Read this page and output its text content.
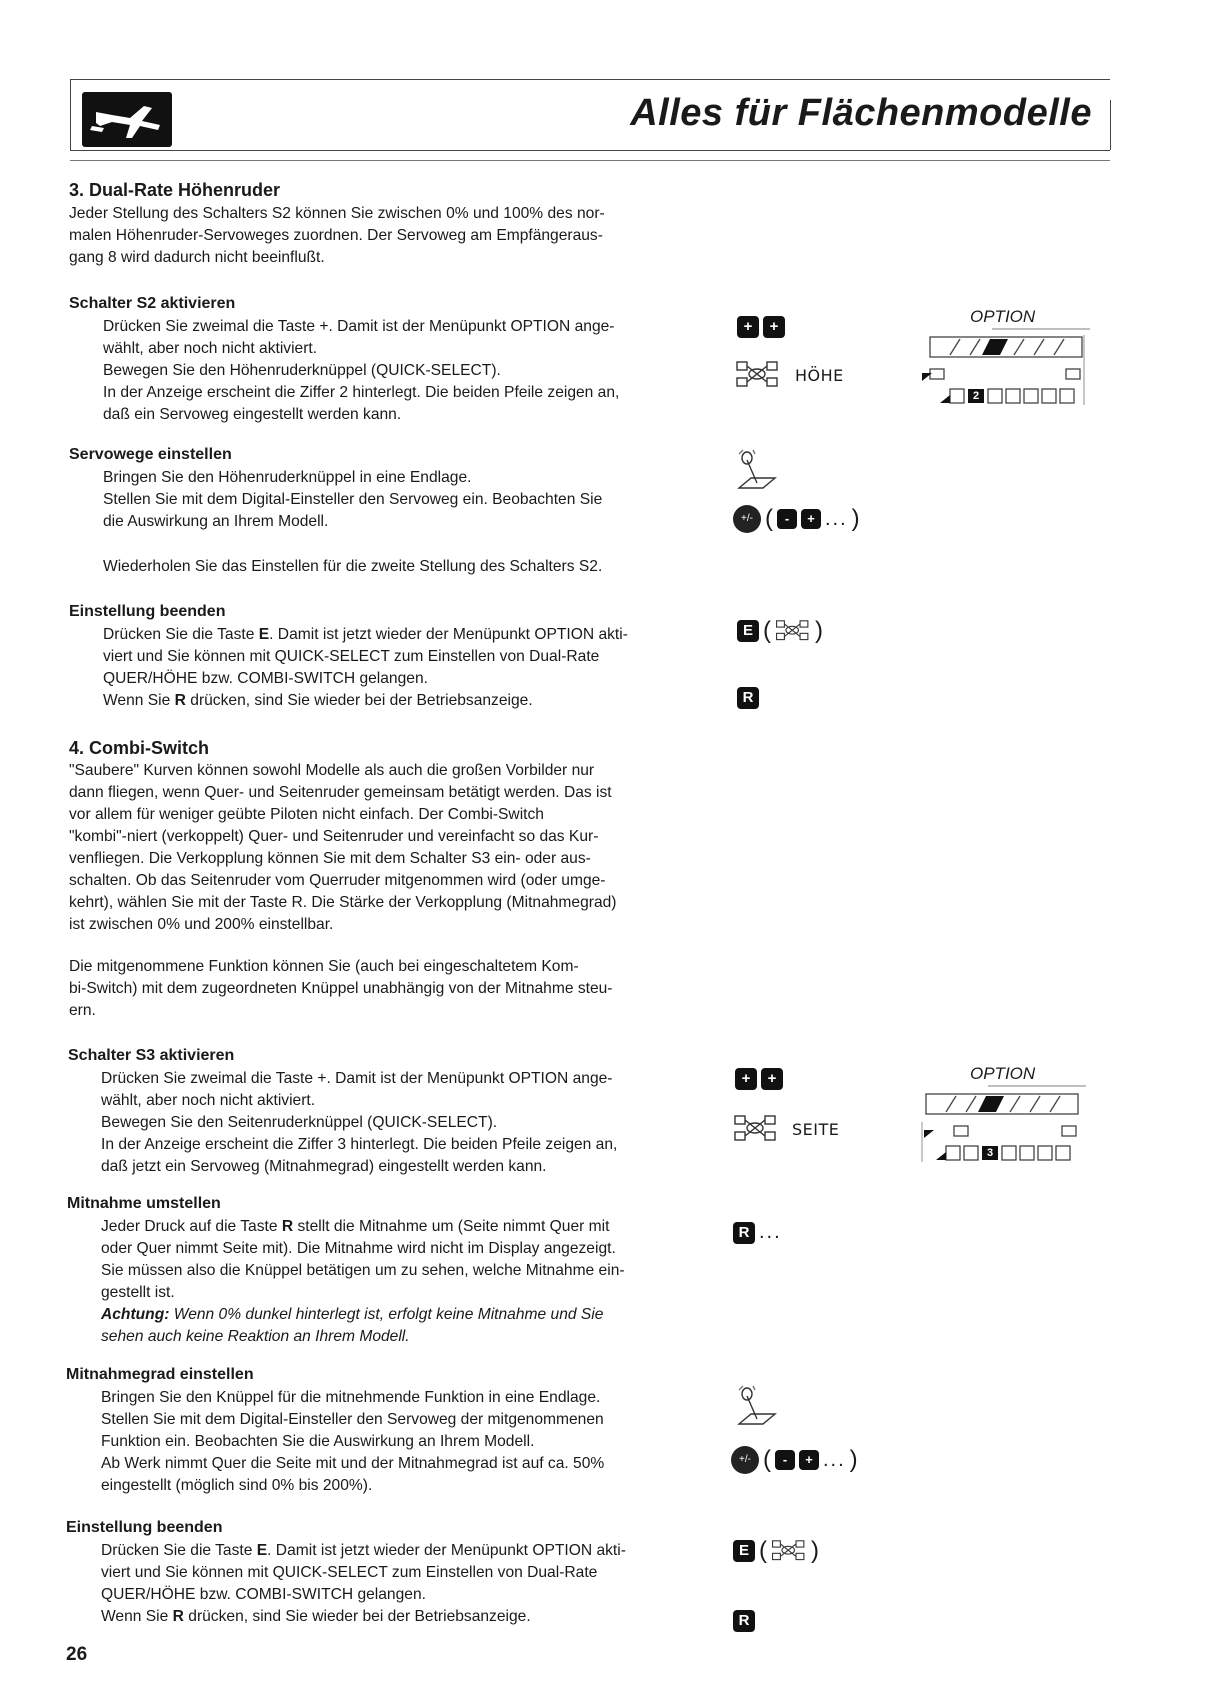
Alles für Flächenmodelle
3. Dual-Rate Höhenruder
Jeder Stellung des Schalters S2 können Sie zwischen 0% und 100% des nor-
malen Höhenruder-Servoweges zuordnen. Der Servoweg am Empfängeraus-
gang 8 wird dadurch nicht beeinflußt.
Schalter S2 aktivieren
Drücken Sie zweimal die Taste +. Damit ist der Menüpunkt OPTION ange-
wählt, aber noch nicht aktiviert.
Bewegen Sie den Höhenruderknüppel (QUICK-SELECT).
In der Anzeige erscheint die Ziffer 2 hinterlegt. Die beiden Pfeile zeigen an,
daß ein Servoweg eingestellt werden kann.
+	+
HÖHE
OPTION
2
Servowege einstellen
Bringen Sie den Höhenruderknüppel in eine Endlage.
Stellen Sie mit dem Digital-Einsteller den Servoweg ein. Beobachten Sie
die Auswirkung an Ihrem Modell.
Wiederholen Sie das Einstellen für die zweite Stellung des Schalters S2.
+/- ( -	+ ... )
Einstellung beenden
Drücken Sie die Taste E. Damit ist jetzt wieder der Menüpunkt OPTION akti-
viert und Sie können mit QUICK-SELECT zum Einstellen von Dual-Rate
QUER/HÖHE bzw. COMBI-SWITCH gelangen.
Wenn Sie R drücken, sind Sie wieder bei der Betriebsanzeige.
E ( )
R
4. Combi-Switch
"Saubere" Kurven können sowohl Modelle als auch die großen Vorbilder nur
dann fliegen, wenn Quer- und Seitenruder gemeinsam betätigt werden. Das ist
vor allem für weniger geübte Piloten nicht einfach. Der Combi-Switch
"kombi"-niert (verkoppelt) Quer- und Seitenruder und vereinfacht so das Kur-
venfliegen. Die Verkopplung können Sie mit dem Schalter S3 ein- oder aus-
schalten. Ob das Seitenruder vom Querruder mitgenommen wird (oder umge-
kehrt), wählen Sie mit der Taste R. Die Stärke der Verkopplung (Mitnahmegrad)
ist zwischen 0% und 200% einstellbar.
Die mitgenommene Funktion können Sie (auch bei eingeschaltetem Kom-
bi-Switch) mit dem zugeordneten Knüppel unabhängig von der Mitnahme steu-
ern.
Schalter S3 aktivieren
Drücken Sie zweimal die Taste +. Damit ist der Menüpunkt OPTION ange-
wählt, aber noch nicht aktiviert.
Bewegen Sie den Seitenruderknüppel (QUICK-SELECT).
In der Anzeige erscheint die Ziffer 3 hinterlegt. Die beiden Pfeile zeigen an,
daß jetzt ein Servoweg (Mitnahmegrad) eingestellt werden kann.
+	+
SEITE
OPTION
3
Mitnahme umstellen
Jeder Druck auf die Taste R stellt die Mitnahme um (Seite nimmt Quer mit
oder Quer nimmt Seite mit). Die Mitnahme wird nicht im Display angezeigt.
Sie müssen also die Knüppel betätigen um zu sehen, welche Mitnahme ein-
gestellt ist.
Achtung: Wenn 0% dunkel hinterlegt ist, erfolgt keine Mitnahme und Sie
sehen auch keine Reaktion an Ihrem Modell.
R ...
Mitnahmegrad einstellen
Bringen Sie den Knüppel für die mitnehmende Funktion in eine Endlage.
Stellen Sie mit dem Digital-Einsteller den Servoweg der mitgenommenen
Funktion ein. Beobachten Sie die Auswirkung an Ihrem Modell.
Ab Werk nimmt Quer die Seite mit und der Mitnahmegrad ist auf ca. 50%
eingestellt (möglich sind 0% bis 200%).
+/- ( -	+ ... )
Einstellung beenden
Drücken Sie die Taste E. Damit ist jetzt wieder der Menüpunkt OPTION akti-
viert und Sie können mit QUICK-SELECT zum Einstellen von Dual-Rate
QUER/HÖHE bzw. COMBI-SWITCH gelangen.
Wenn Sie R drücken, sind Sie wieder bei der Betriebsanzeige.
E ( )
R
26
